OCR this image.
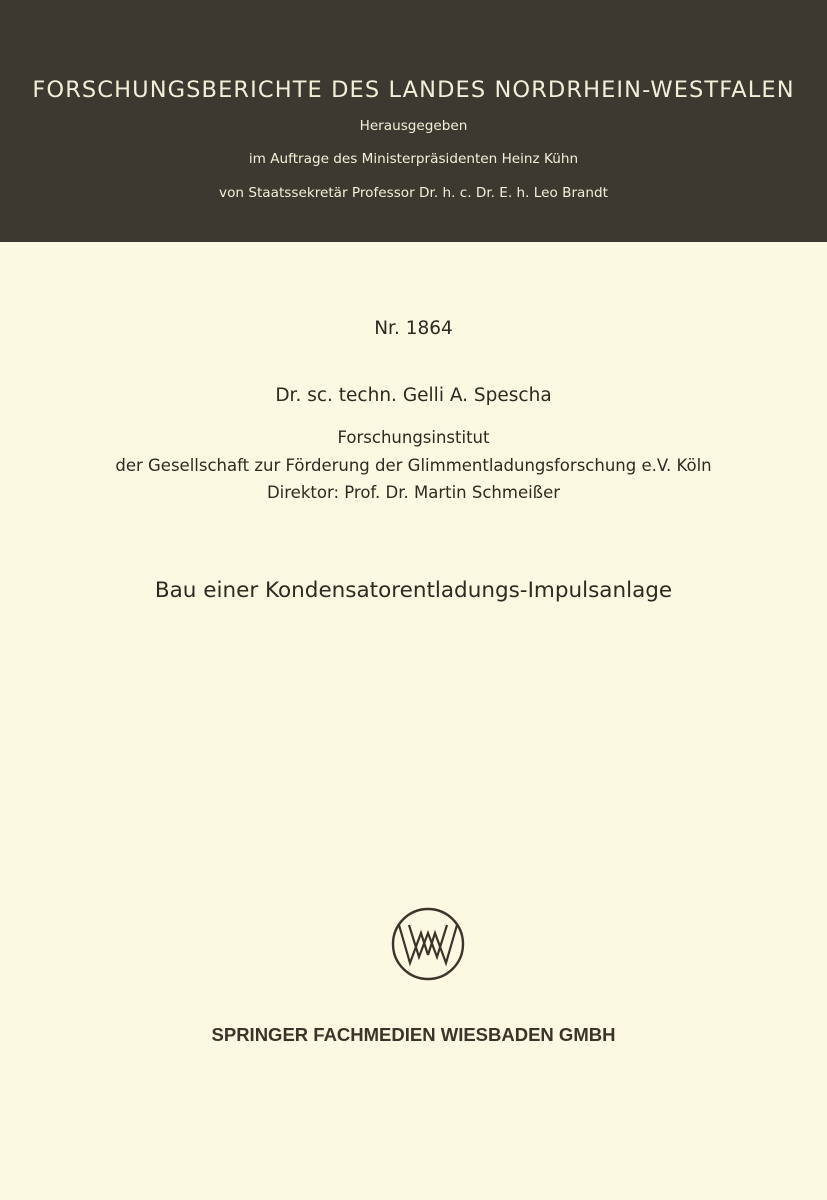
FORSCHUNGSBERICHTE DES LANDES NORDRHEIN-WESTFALEN
Herausgegeben
im Auftrage des Ministerpräsidenten Heinz Kühn
von Staatssekretär Professor Dr. h. c. Dr. E. h. Leo Brandt
Nr. 1864
Dr. sc. techn. Gelli A. Spescha
Forschungsinstitut
der Gesellschaft zur Förderung der Glimmentladungsforschung e.V. Köln
Direktor: Prof. Dr. Martin Schmeißer
Bau einer Kondensatorentladungs-Impulsanlage
SPRINGER FACHMEDIEN WIESBADEN GMBH
